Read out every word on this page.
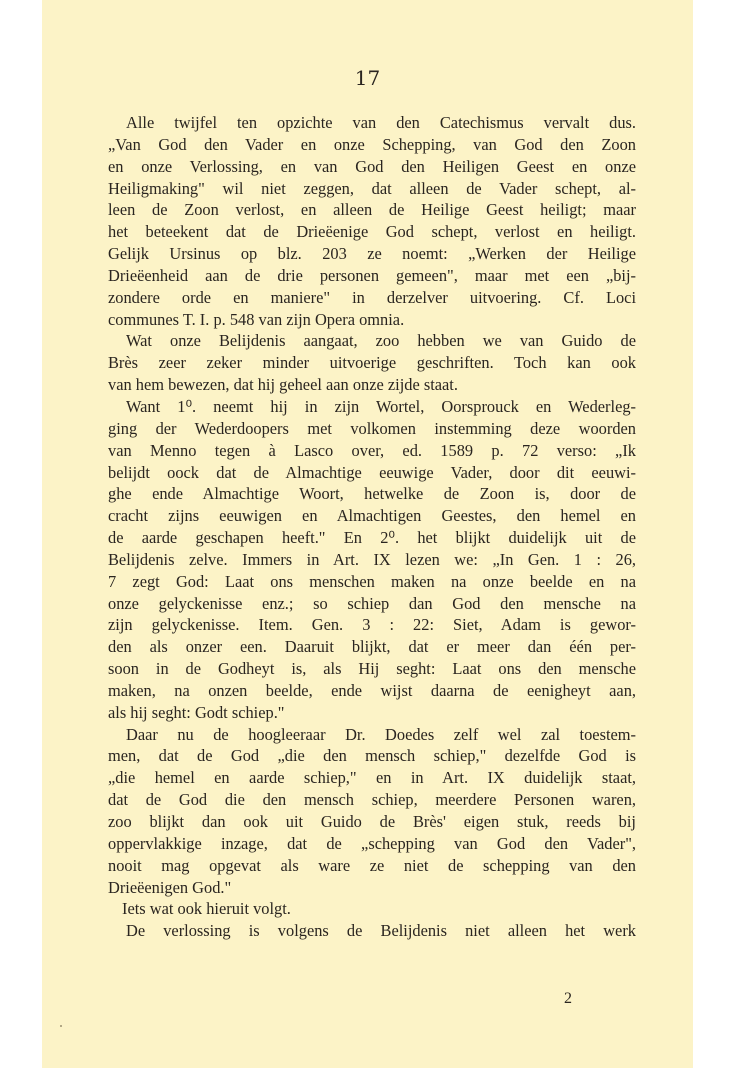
17
Alle twijfel ten opzichte van den Catechismus vervalt dus.
„Van God den Vader en onze Schepping, van God den Zoon
en onze Verlossing, en van God den Heiligen Geest en onze
Heiligmaking" wil niet zeggen, dat alleen de Vader schept, al-
leen de Zoon verlost, en alleen de Heilige Geest heiligt; maar
het beteekent dat de Drieëenige God schept, verlost en heiligt.
Gelijk Ursinus op blz. 203 ze noemt: „Werken der Heilige
Drieëenheid aan de drie personen gemeen", maar met een „bij-
zondere orde en maniere" in derzelver uitvoering. Cf. Loci
communes T. I. p. 548 van zijn Opera omnia.
Wat onze Belijdenis aangaat, zoo hebben we van Guido de
Brès zeer zeker minder uitvoerige geschriften. Toch kan ook
van hem bewezen, dat hij geheel aan onze zijde staat.
Want 1⁰. neemt hij in zijn Wortel, Oorsprouck en Wederleg-
ging der Wederdoopers met volkomen instemming deze woorden
van Menno tegen à Lasco over, ed. 1589 p. 72 verso: „Ik
belijdt oock dat de Almachtige eeuwige Vader, door dit eeuwi-
ghe ende Almachtige Woort, hetwelke de Zoon is, door de
cracht zijns eeuwigen en Almachtigen Geestes, den hemel en
de aarde geschapen heeft." En 2⁰. het blijkt duidelijk uit de
Belijdenis zelve. Immers in Art. IX lezen we: „In Gen. 1 : 26,
7 zegt God: Laat ons menschen maken na onze beelde en na
onze gelyckenisse enz.; so schiep dan God den mensche na
zijn gelyckenisse. Item. Gen. 3 : 22: Siet, Adam is gewor-
den als onzer een. Daaruit blijkt, dat er meer dan één per-
soon in de Godheyt is, als Hij seght: Laat ons den mensche
maken, na onzen beelde, ende wijst daarna de eenigheyt aan,
als hij seght: Godt schiep."
Daar nu de hoogleeraar Dr. Doedes zelf wel zal toestem-
men, dat de God „die den mensch schiep," dezelfde God is
„die hemel en aarde schiep," en in Art. IX duidelijk staat,
dat de God die den mensch schiep, meerdere Personen waren,
zoo blijkt dan ook uit Guido de Brès' eigen stuk, reeds bij
oppervlakkige inzage, dat de „schepping van God den Vader",
nooit mag opgevat als ware ze niet de schepping van den
Drieëenigen God."
Iets wat ook hieruit volgt.
De verlossing is volgens de Belijdenis niet alleen het werk
2
